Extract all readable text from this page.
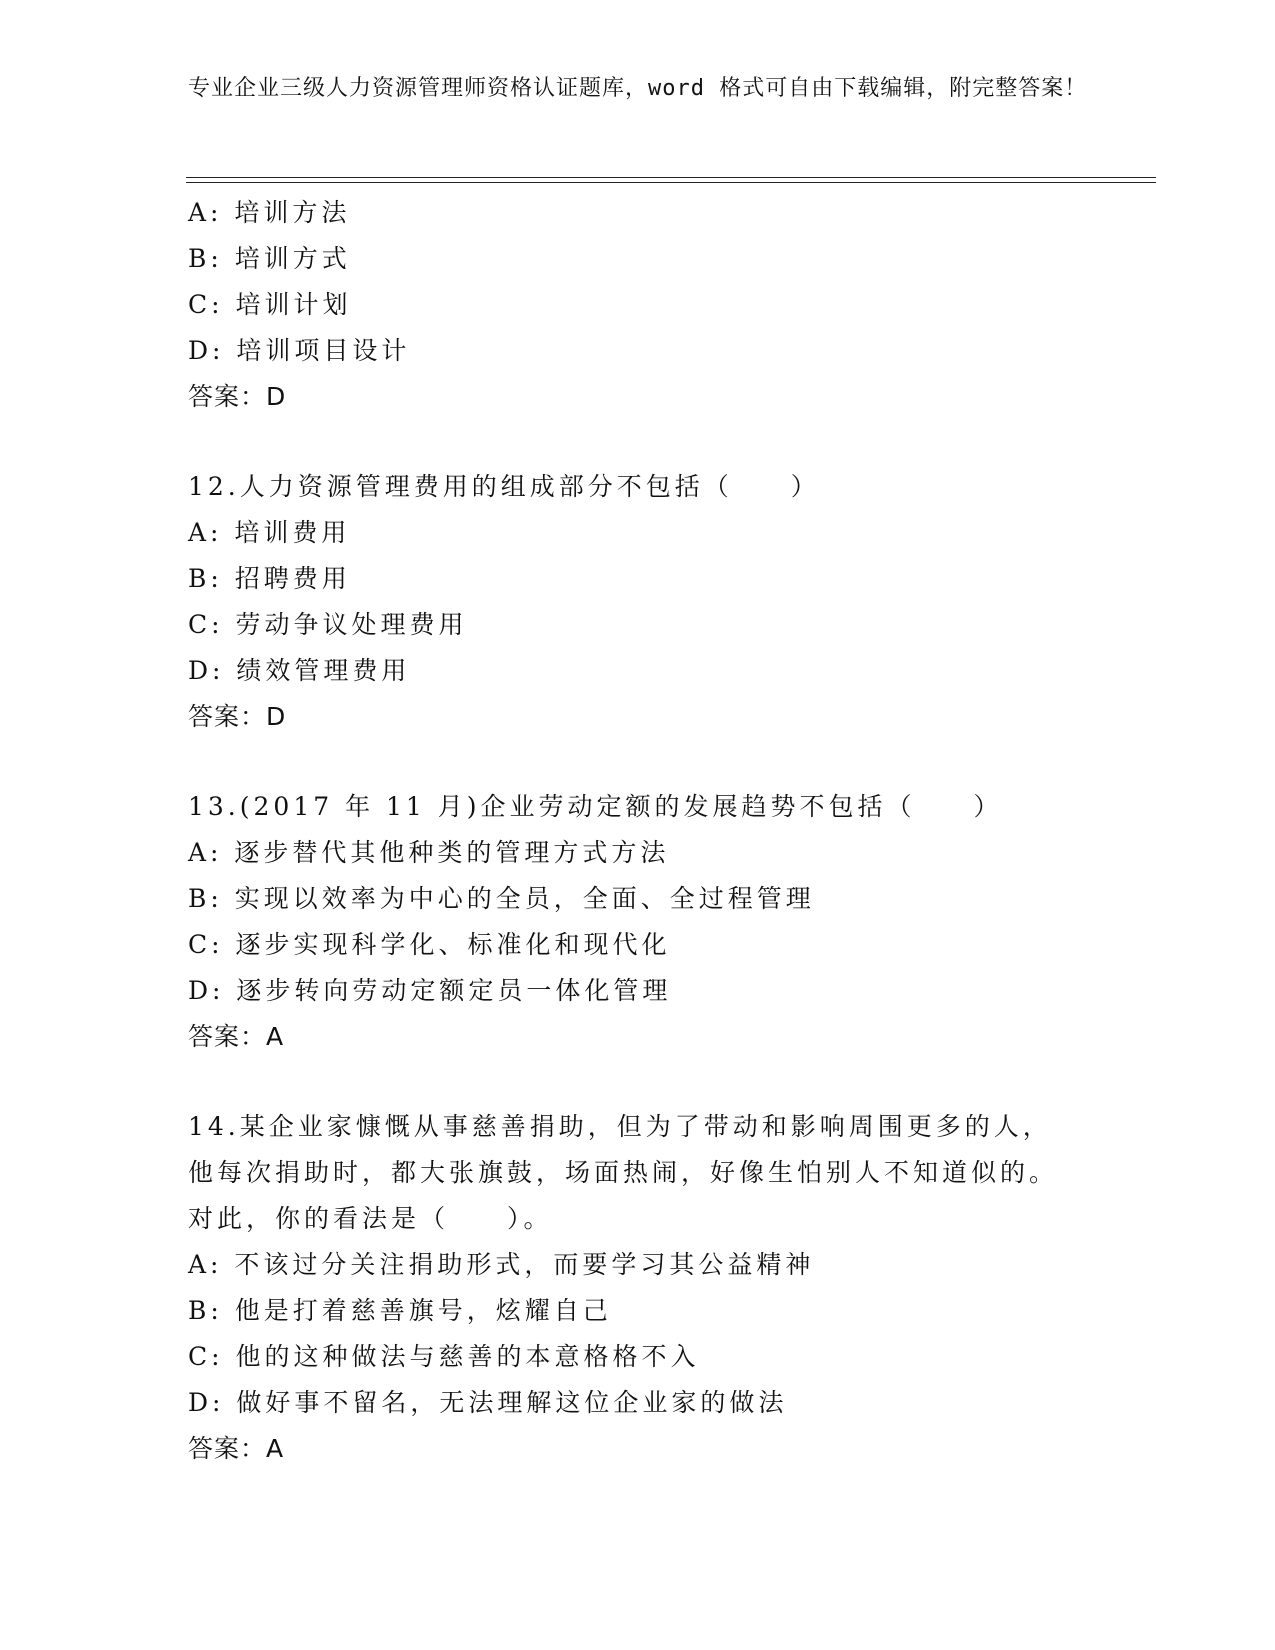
专业企业三级人力资源管理师资格认证题库，word 格式可自由下载编辑，附完整答案！
A: 培训方法
B: 培训方式
C: 培训计划
D: 培训项目设计
答案：D
12.人力资源管理费用的组成部分不包括（　　）
A: 培训费用
B: 招聘费用
C: 劳动争议处理费用
D: 绩效管理费用
答案：D
13.(2017 年 11 月)企业劳动定额的发展趋势不包括（　　）
A: 逐步替代其他种类的管理方式方法
B: 实现以效率为中心的全员，全面、全过程管理
C: 逐步实现科学化、标准化和现代化
D: 逐步转向劳动定额定员一体化管理
答案：A
14.某企业家慷慨从事慈善捐助，但为了带动和影响周围更多的人，他每次捐助时，都大张旗鼓，场面热闹，好像生怕别人不知道似的。对此，你的看法是（　　）。
A: 不该过分关注捐助形式，而要学习其公益精神
B: 他是打着慈善旗号，炫耀自己
C: 他的这种做法与慈善的本意格格不入
D: 做好事不留名，无法理解这位企业家的做法
答案：A
